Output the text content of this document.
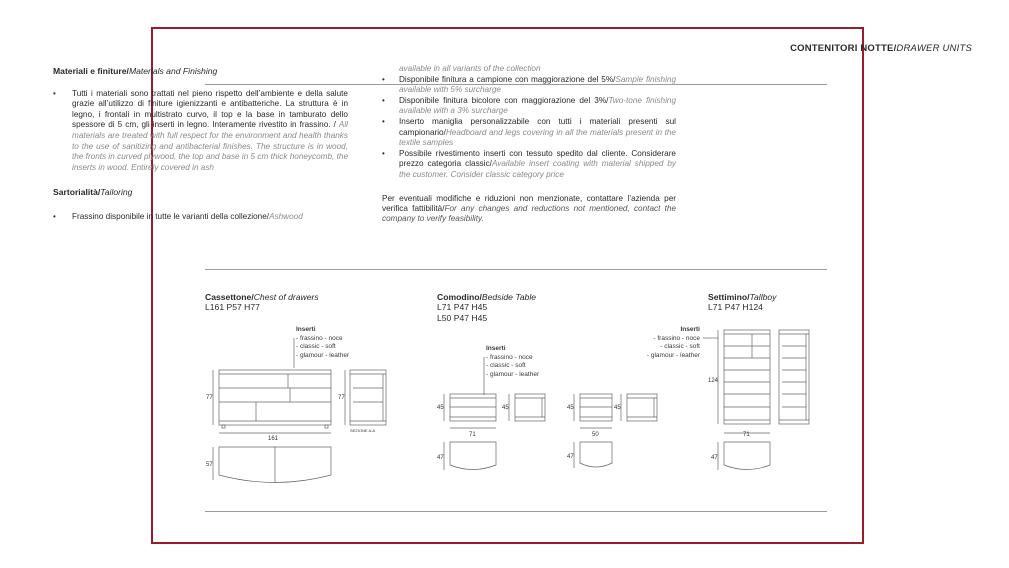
CONTENITORI NOTTE/DRAWER UNITS
Materiali e finiture/Materials and Finishing
• Tutti i materiali sono trattati nel pieno rispetto dell’ambiente e della salute grazie all’utilizzo di finiture igienizzanti e antibatteriche. La struttura è in legno, i frontali in multistrato curvo, il top e la base in tamburato dello spessore di 5 cm, gli inserti in legno. Interamente rivestito in frassino. / All materials are treated with full respect for the environment and health thanks to the use of sanitizing and antibacterial finishes. The structure is in wood, the fronts in curved plywood, the top and base in 5 cm thick honeycomb, the inserts in wood. Entirely covered in ash
Sartorialità/Tailoring
• Frassino disponibile in tutte le varianti della collezione/Ashwood
available in all variants of the collection
• Disponibile finitura a campione con maggiorazione del 5%/Sample finishing available with 5% surcharge
• Disponibile finitura bicolore con maggiorazione del 3%/Two-tone finishing available with a 3% surcharge
• Inserto maniglia personalizzabile con tutti i materiali presenti sul campionario/Headboard and legs covering in all the materials present in the textile samples
• Possibile rivestimento inserti con tessuto spedito dal cliente. Considerare prezzo categoria classic/Available insert coating with material shipped by the customer. Consider classic category price
Per eventuali modifiche e riduzioni non menzionate, contattare l’azienda per verifica fattibilità/For any changes and reductions not mentioned, contact the company to verify feasibility.
Cassettone/Chest of drawers
L161 P57 H77
Comodino/Bedside Table
L71 P47 H45
L50 P47 H45
Settimino/Tallboy
L71 P47 H124
Inserti
- frassino - noce
- classic - soft
- glamour - leather
Inserti
- frassino - noce
- classic - soft
- glamour - leather
Inserti
- frassino - noce
- classic - soft
- glamour - leather
77	77
161
57
SEZIONE A-A
45	45
71
47
45	45
50
47
124
71
47
